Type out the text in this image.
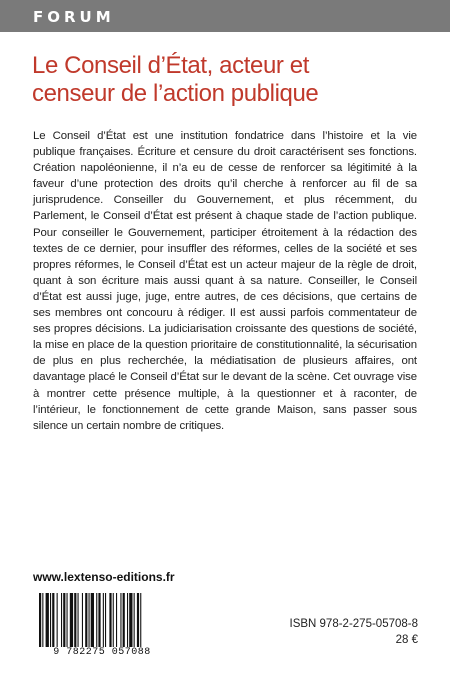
FORUM
Le Conseil d’État, acteur et
censeur de l’action publique
Le Conseil d’État est une institution fondatrice dans l’histoire et la vie publique françaises. Écriture et censure du droit caractérisent ses fonctions. Création napoléonienne, il n’a eu de cesse de renforcer sa légitimité à la faveur d’une protection des droits qu’il cherche à renforcer au fil de sa jurisprudence. Conseiller du Gouvernement, et plus récemment, du Parlement, le Conseil d’État est présent à chaque stade de l’action publique. Pour conseiller le Gouvernement, participer étroitement à la rédaction des textes de ce dernier, pour insuffler des réformes, celles de la société et ses propres réformes, le Conseil d’État est un acteur majeur de la règle de droit, quant à son écriture mais aussi quant à sa nature. Conseiller, le Conseil d’État est aussi juge, juge, entre autres, de ces décisions, que certains de ses membres ont concouru à rédiger. Il est aussi parfois commentateur de ses propres décisions. La judiciarisation croissante des questions de société, la mise en place de la question prioritaire de constitutionnalité, la sécurisation de plus en plus recherchée, la médiatisation de plusieurs affaires, ont davantage placé le Conseil d’État sur le devant de la scène. Cet ouvrage vise à montrer cette présence multiple, à la questionner et à raconter, de l’intérieur, le fonctionnement de cette grande Maison, sans passer sous silence un certain nombre de critiques.
www.lextenso-editions.fr
9 782275 057088
ISBN 978-2-275-05708-8
28 €
